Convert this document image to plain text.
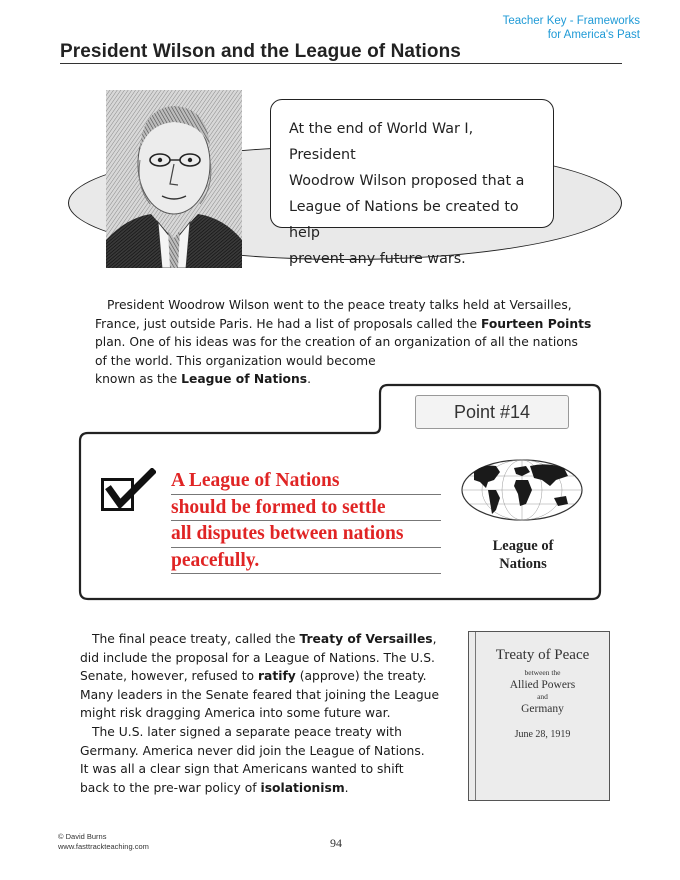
Teacher Key - Frameworks
for America's Past
President Wilson and the League of Nations
At the end of World War I, President
Woodrow Wilson proposed that a
League of Nations be created to help
prevent any future wars.
President Woodrow Wilson went to the peace treaty talks held at Versailles,
France, just outside Paris. He had a list of proposals called the Fourteen Points
plan. One of his ideas was for the creation of an organization of all the nations
of the world. This organization would become
known as the League of Nations.
Point #14
A League of Nations
should be formed to settle
all disputes between nations
peacefully.
League of
Nations
The final peace treaty, called the Treaty of Versailles,
did include the proposal for a League of Nations. The U.S.
Senate, however, refused to ratify (approve) the treaty.
Many leaders in the Senate feared that joining the League
might risk dragging America into some future war.
The U.S. later signed a separate peace treaty with
Germany. America never did join the League of Nations.
It was all a clear sign that Americans wanted to shift
back to the pre-war policy of isolationism.
Treaty of Peace
between the
Allied Powers
and
Germany
June 28, 1919
© David Burns
www.fasttrackteaching.com	94
